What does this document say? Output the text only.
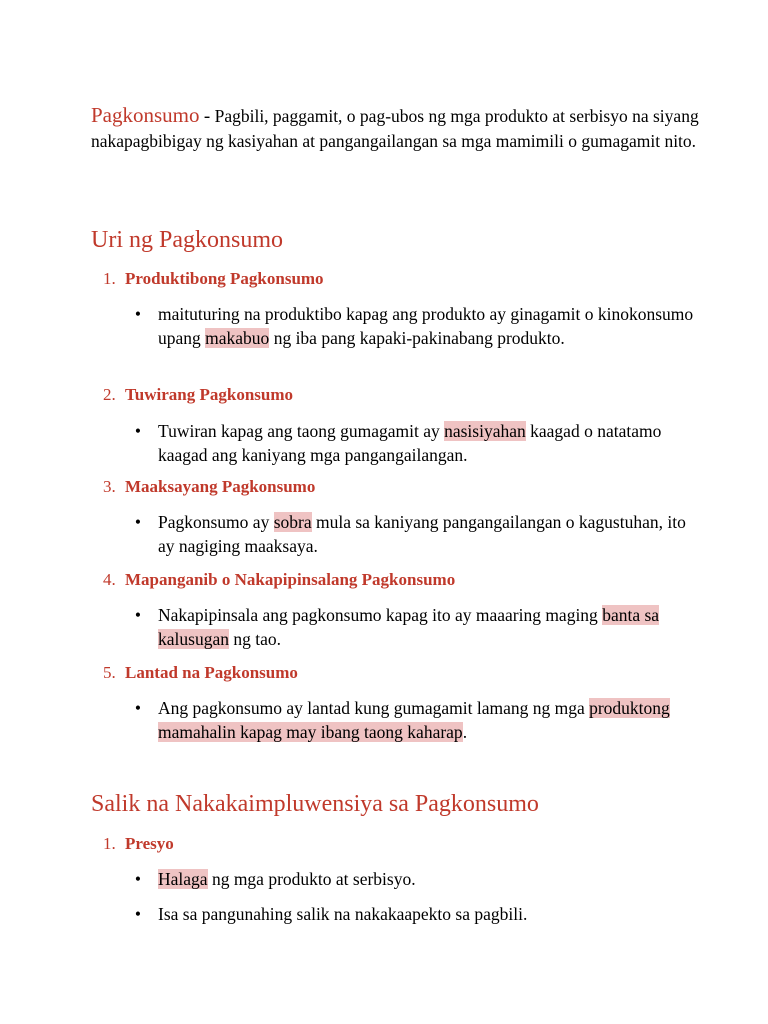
Pagkonsumo - Pagbili, paggamit, o pag-ubos ng mga produkto at serbisyo na siyang nakapagbibigay ng kasiyahan at pangangailangan sa mga mamimili o gumagamit nito.
Uri ng Pagkonsumo
1. Produktibong Pagkonsumo
• maituturing na produktibo kapag ang produkto ay ginagamit o kinokonsumo upang makabuo ng iba pang kapaki-pakinabang produkto.
2. Tuwirang Pagkonsumo
• Tuwiran kapag ang taong gumagamit ay nasisiyahan kaagad o natatamo kaagad ang kaniyang mga pangangailangan.
3. Maaksayang Pagkonsumo
• Pagkonsumo ay sobra mula sa kaniyang pangangailangan o kagustuhan, ito ay nagiging maaksaya.
4. Mapanganib o Nakapipinsalang Pagkonsumo
• Nakapipinsala ang pagkonsumo kapag ito ay maaaring maging banta sa kalusugan ng tao.
5. Lantad na Pagkonsumo
• Ang pagkonsumo ay lantad kung gumagamit lamang ng mga produktong mamahalin kapag may ibang taong kaharap.
Salik na Nakakaimpluwensiya sa Pagkonsumo
1. Presyo
• Halaga ng mga produkto at serbisyo.
• Isa sa pangunahing salik na nakakaapekto sa pagbili.
